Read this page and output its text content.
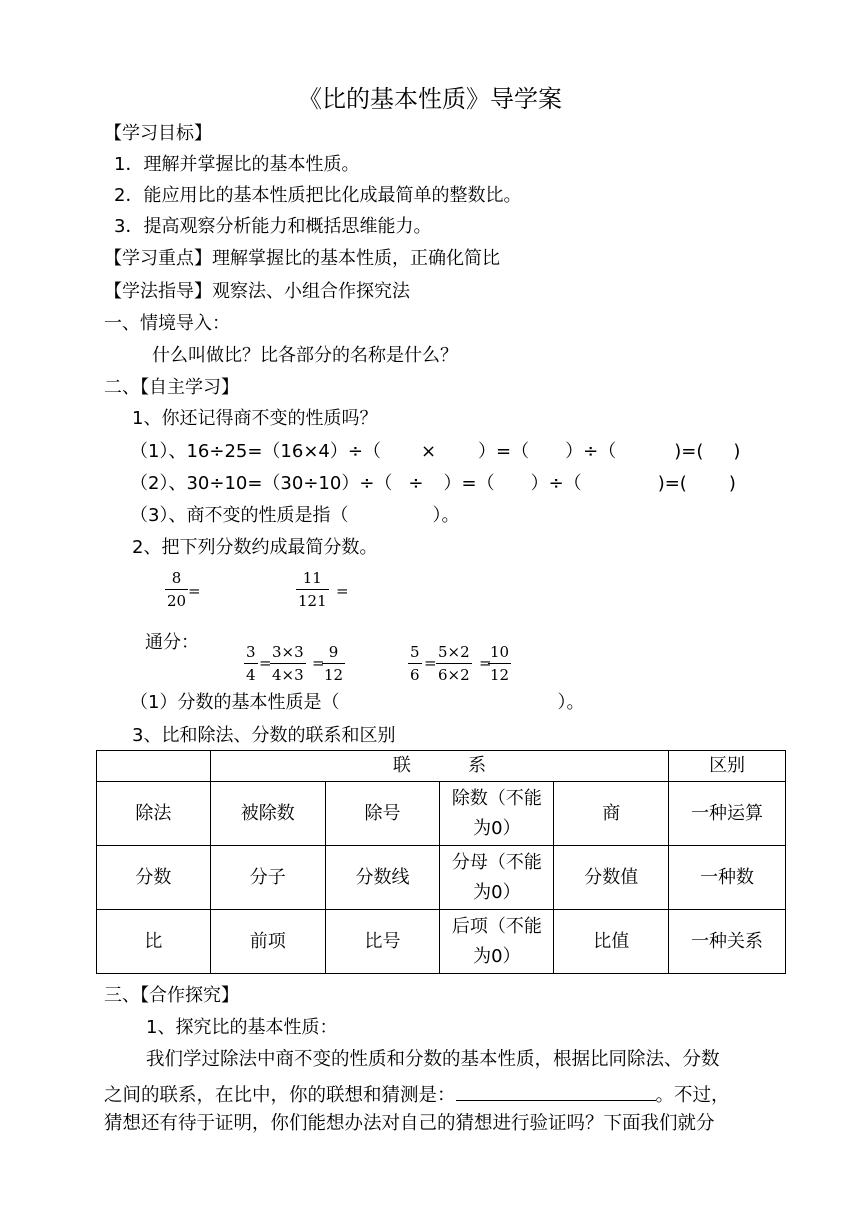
《比的基本性质》导学案
【学习目标】
1．理解并掌握比的基本性质。
2．能应用比的基本性质把比化成最简单的整数比。
3．提高观察分析能力和概括思维能力。
【学习重点】理解掌握比的基本性质，正确化简比
【学法指导】观察法、小组合作探究法
一、情境导入：
什么叫做比？比各部分的名称是什么？
二、【自主学习】
1、你还记得商不变的性质吗？
（1）、16÷25=（16×4）÷（ × ）=（ ）÷（	)=( )
（2）、30÷10=（30÷10）÷（ ÷ ）=（ ）÷（	)=( )
（3）、商不变的性质是指（	）。
2、把下列分数约成最简分数。
8
20
=
11
121
=
通分：	3
4
=
3×3
4×3
=
9
12
5
6
=
5×2
6×2
=
10
12
（1）分数的基本性质是（	）。
3、比和除法、分数的联系和区别
	联          系				区别
除法	被除数	除号	除数（不能
为0）	商	一种运算
分数	分子	分数线	分母（不能
为0）	分数值	一种数
比	前项	比号	后项（不能
为0）	比值	一种关系
三、【合作探究】
1、探究比的基本性质：
我们学过除法中商不变的性质和分数的基本性质，根据比同除法、分数
之间的联系，在比中，你的联想和猜测是：	。不过，
猜想还有待于证明，你们能想办法对自己的猜想进行验证吗？下面我们就分
